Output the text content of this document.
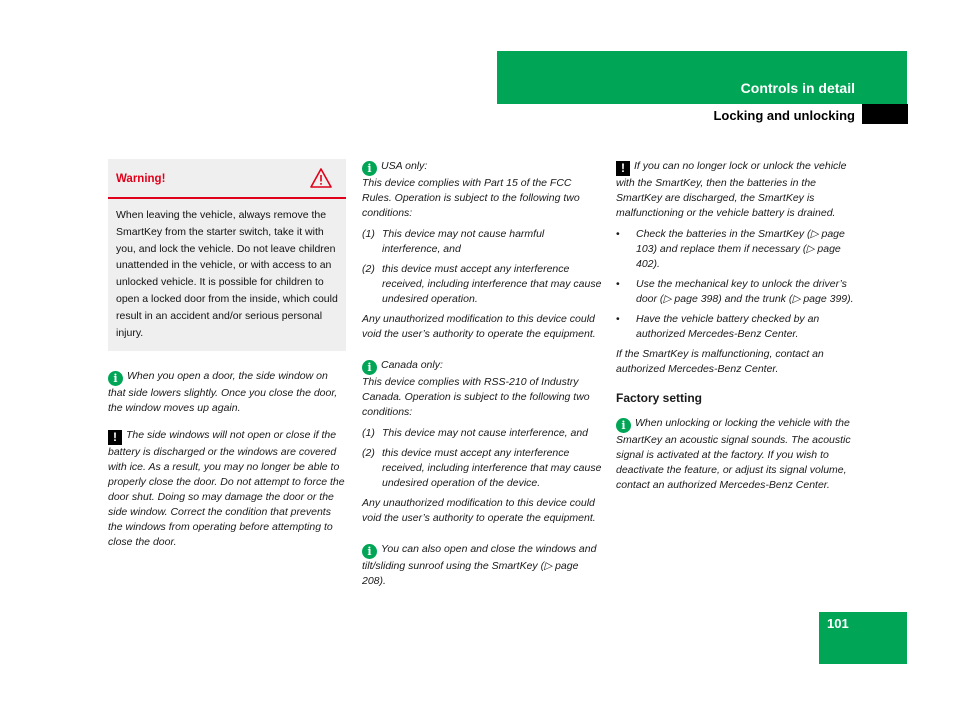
Controls in detail
Locking and unlocking
Warning!
When leaving the vehicle, always remove the SmartKey from the starter switch, take it with you, and lock the vehicle. Do not leave children unattended in the vehicle, or with access to an unlocked vehicle. It is possible for children to open a locked door from the inside, which could result in an accident and/or serious personal injury.
i When you open a door, the side window on that side lowers slightly. Once you close the door, the window moves up again.
! The side windows will not open or close if the battery is discharged or the windows are covered with ice. As a result, you may no longer be able to properly close the door. Do not attempt to force the door shut. Doing so may damage the door or the side window. Correct the condition that prevents the windows from operating before attempting to close the door.
i USA only:
This device complies with Part 15 of the FCC Rules. Operation is subject to the following two conditions:
(1) This device may not cause harmful interference, and
(2) this device must accept any interference received, including interference that may cause undesired operation.
Any unauthorized modification to this device could void the user’s authority to operate the equipment.
i Canada only:
This device complies with RSS-210 of Industry Canada. Operation is subject to the following two conditions:
(1) This device may not cause interference, and
(2) this device must accept any interference received, including interference that may cause undesired operation of the device.
Any unauthorized modification to this device could void the user’s authority to operate the equipment.
i You can also open and close the windows and tilt/sliding sunroof using the SmartKey (▷ page 208).
! If you can no longer lock or unlock the vehicle with the SmartKey, then the batteries in the SmartKey are discharged, the SmartKey is malfunctioning or the vehicle battery is drained.
•	Check the batteries in the SmartKey (▷ page 103) and replace them if necessary (▷ page 402).
•	Use the mechanical key to unlock the driver’s door (▷ page 398) and the trunk (▷ page 399).
•	Have the vehicle battery checked by an authorized Mercedes-Benz Center.
If the SmartKey is malfunctioning, contact an authorized Mercedes-Benz Center.
Factory setting
i When unlocking or locking the vehicle with the SmartKey an acoustic signal sounds. The acoustic signal is activated at the factory. If you wish to deactivate the feature, or adjust its signal volume, contact an authorized Mercedes-Benz Center.
101
